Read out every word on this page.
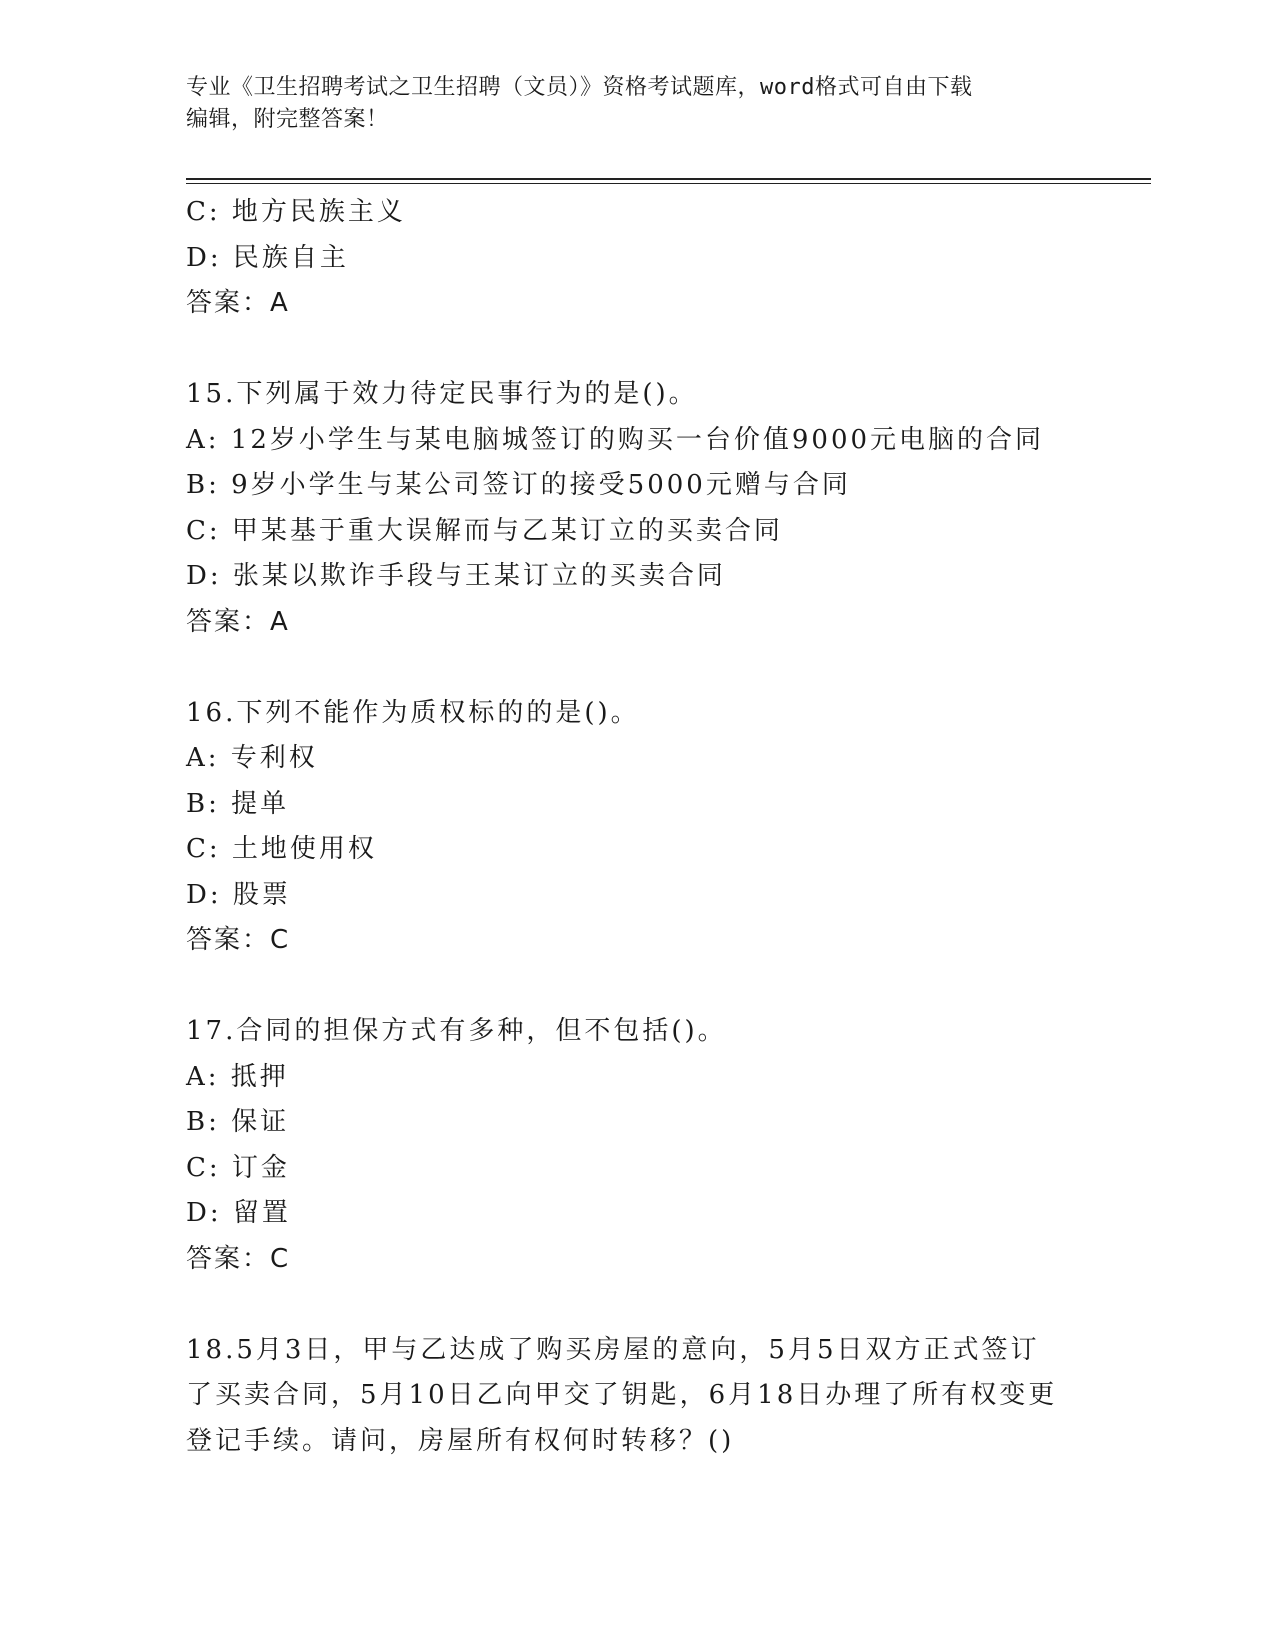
专业《卫生招聘考试之卫生招聘（文员）》资格考试题库，word格式可自由下载
编辑，附完整答案！
C: 地方民族主义
D: 民族自主
答案：A
15.下列属于效力待定民事行为的是()。
A: 12岁小学生与某电脑城签订的购买一台价值9000元电脑的合同
B: 9岁小学生与某公司签订的接受5000元赠与合同
C: 甲某基于重大误解而与乙某订立的买卖合同
D: 张某以欺诈手段与王某订立的买卖合同
答案：A
16.下列不能作为质权标的的是()。
A: 专利权
B: 提单
C: 土地使用权
D: 股票
答案：C
17.合同的担保方式有多种，但不包括()。
A: 抵押
B: 保证
C: 订金
D: 留置
答案：C
18.5月3日，甲与乙达成了购买房屋的意向，5月5日双方正式签订
了买卖合同，5月10日乙向甲交了钥匙，6月18日办理了所有权变更
登记手续。请问，房屋所有权何时转移？()
